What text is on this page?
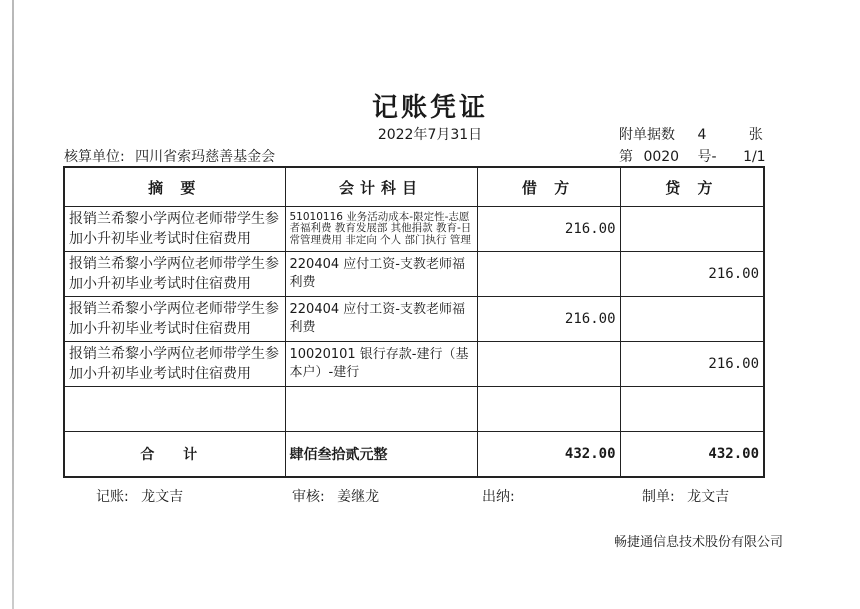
记账凭证
2022年7月31日
核算单位: 四川省索玛慈善基金会
附单据数 4	张
第 0020 号- 1/1
摘 要	会计科目	借 方	贷 方
报销兰希黎小学两位老师带学生参加小升初毕业考试时住宿费用	51010116 业务活动成本-限定性-志愿者福利费 教育发展部 其他捐款 教育-日常管理费用 非定向 个人 部门执行 管理	216.00	
报销兰希黎小学两位老师带学生参加小升初毕业考试时住宿费用	220404 应付工资-支教老师福利费		216.00
报销兰希黎小学两位老师带学生参加小升初毕业考试时住宿费用	220404 应付工资-支教老师福利费	216.00	
报销兰希黎小学两位老师带学生参加小升初毕业考试时住宿费用	10020101 银行存款-建行（基本户）-建行		216.00

合 计	肆佰叁拾贰元整	432.00	432.00
记账: 龙文吉	审核: 姜继龙	出纳:	制单: 龙文吉
畅捷通信息技术股份有限公司
